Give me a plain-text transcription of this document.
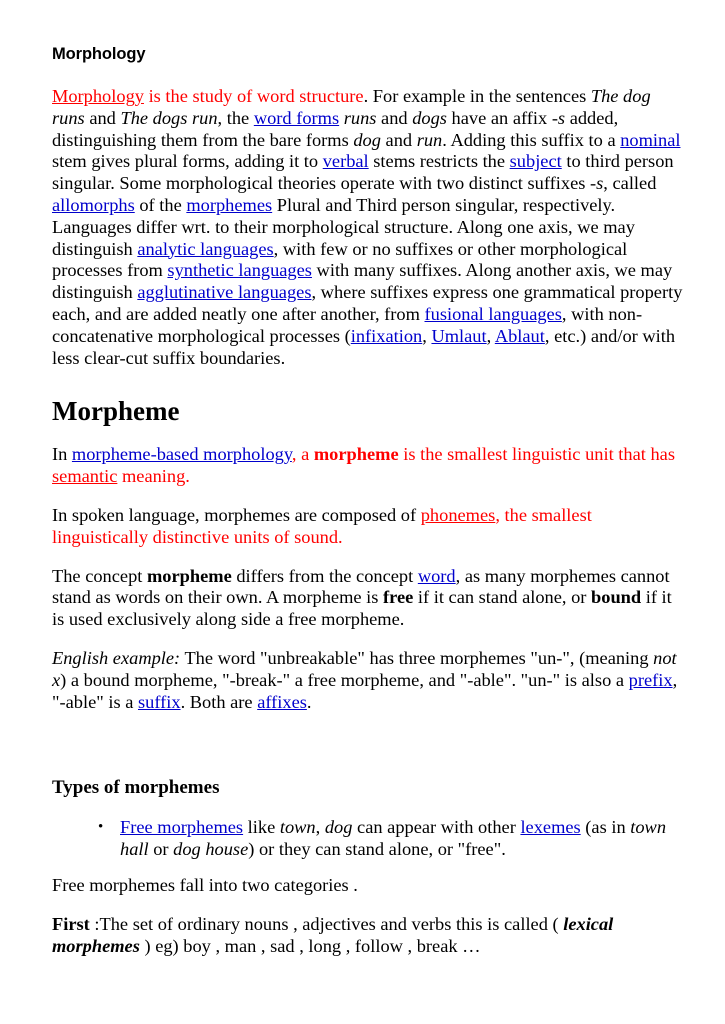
Morphology

Morphology is the study of word structure. For example in the sentences The dog runs and The dogs run, the word forms runs and dogs have an affix -s added, distinguishing them from the bare forms dog and run. Adding this suffix to a nominal stem gives plural forms, adding it to verbal stems restricts the subject to third person singular. Some morphological theories operate with two distinct suffixes -s, called allomorphs of the morphemes Plural and Third person singular, respectively. Languages differ wrt. to their morphological structure. Along one axis, we may distinguish analytic languages, with few or no suffixes or other morphological processes from synthetic languages with many suffixes. Along another axis, we may distinguish agglutinative languages, where suffixes express one grammatical property each, and are added neatly one after another, from fusional languages, with non-concatenative morphological processes (infixation, Umlaut, Ablaut, etc.) and/or with less clear-cut suffix boundaries.

Morpheme

In morpheme-based morphology, a morpheme is the smallest linguistic unit that has semantic meaning.

In spoken language, morphemes are composed of phonemes, the smallest linguistically distinctive units of sound.

The concept morpheme differs from the concept word, as many morphemes cannot stand as words on their own. A morpheme is free if it can stand alone, or bound if it is used exclusively along side a free morpheme.

English example: The word "unbreakable" has three morphemes "un-", (meaning not x) a bound morpheme, "-break-" a free morpheme, and "-able". "un-" is also a prefix, "-able" is a suffix. Both are affixes.

Types of morphemes
• Free morphemes like town, dog can appear with other lexemes (as in town hall or dog house) or they can stand alone, or "free".

Free morphemes fall into two categories .

First :The set of ordinary nouns , adjectives and verbs this is called ( lexical morphemes ) eg) boy , man , sad , long , follow , break …
